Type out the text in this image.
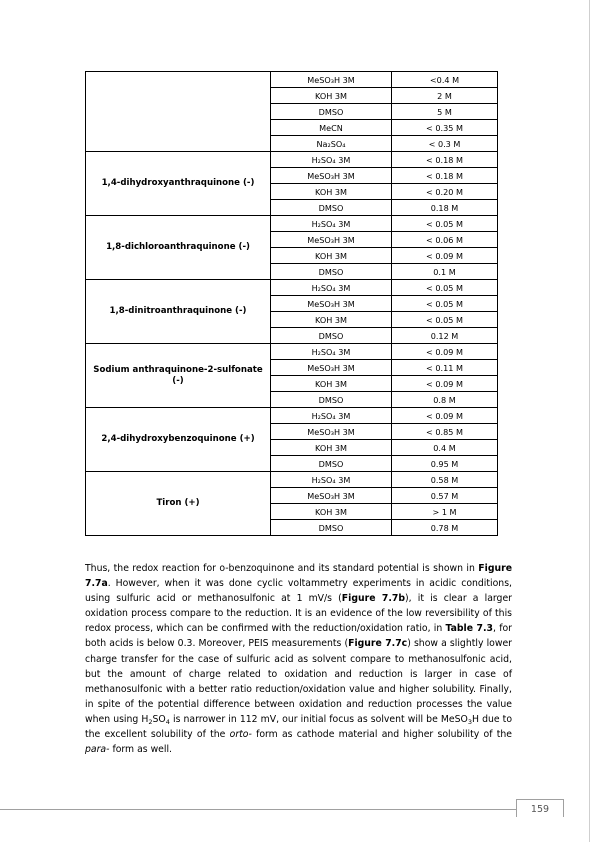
	MeSO₃H 3M	<0.4 M
	KOH 3M	2 M
	DMSO	5 M
	MeCN	< 0.35 M
	Na₂SO₄	< 0.3 M
1,4-dihydroxyanthraquinone (-)	H₂SO₄ 3M	< 0.18 M
	MeSO₃H 3M	< 0.18 M
	KOH 3M	< 0.20 M
	DMSO	0.18 M
1,8-dichloroanthraquinone (-)	H₂SO₄ 3M	< 0.05 M
	MeSO₃H 3M	< 0.06 M
	KOH 3M	< 0.09 M
	DMSO	0.1 M
1,8-dinitroanthraquinone (-)	H₂SO₄ 3M	< 0.05 M
	MeSO₃H 3M	< 0.05 M
	KOH 3M	< 0.05 M
	DMSO	0.12 M
Sodium anthraquinone-2-sulfonate (-)	H₂SO₄ 3M	< 0.09 M
	MeSO₃H 3M	< 0.11 M
	KOH 3M	< 0.09 M
	DMSO	0.8 M
2,4-dihydroxybenzoquinone (+)	H₂SO₄ 3M	< 0.09 M
	MeSO₃H 3M	< 0.85 M
	KOH 3M	0.4 M
	DMSO	0.95 M
Tiron (+)	H₂SO₄ 3M	0.58 M
	MeSO₃H 3M	0.57 M
	KOH 3M	> 1 M
	DMSO	0.78 M

Thus, the redox reaction for o-benzoquinone and its standard potential is shown in Figure 7.7a. However, when it was done cyclic voltammetry experiments in acidic conditions, using sulfuric acid or methanosulfonic at 1 mV/s (Figure 7.7b), it is clear a larger oxidation process compare to the reduction. It is an evidence of the low reversibility of this redox process, which can be confirmed with the reduction/oxidation ratio, in Table 7.3, for both acids is below 0.3. Moreover, PEIS measurements (Figure 7.7c) show a slightly lower charge transfer for the case of sulfuric acid as solvent compare to methanosulfonic acid, but the amount of charge related to oxidation and reduction is larger in case of methanosulfonic with a better ratio reduction/oxidation value and higher solubility. Finally, in spite of the potential difference between oxidation and reduction processes the value when using $H_2SO_4$ is narrower in 112 mV, our initial focus as solvent will be MeSO$_3$H due to the excellent solubility of the orto- form as cathode material and higher solubility of the para- form as well.

159
